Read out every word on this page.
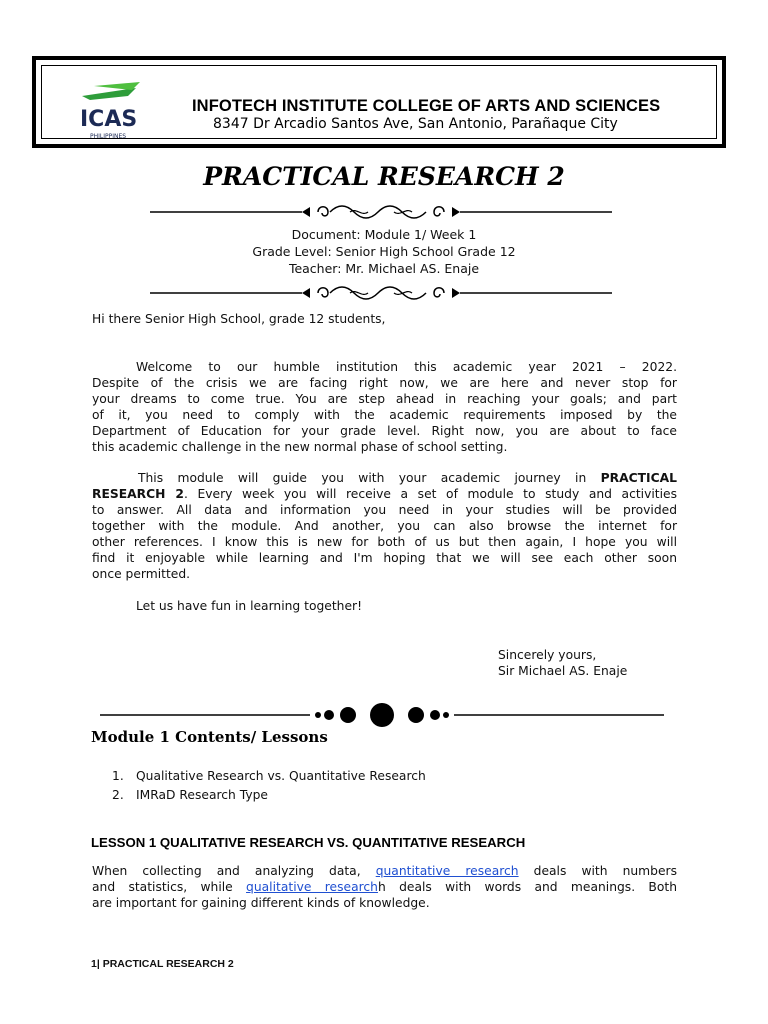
ICAS
PHILIPPINES
INFOTECH INSTITUTE COLLEGE OF ARTS AND SCIENCES
8347 Dr Arcadio Santos Ave, San Antonio, Parañaque City
PRACTICAL RESEARCH 2
Document: Module 1/ Week 1
Grade Level: Senior High School Grade 12
Teacher: Mr. Michael AS. Enaje
Hi there Senior High School, grade 12 students,
Welcome to our humble institution this academic year 2021 – 2022.
Despite of the crisis we are facing right now, we are here and never stop for
your dreams to come true. You are step ahead in reaching your goals; and part
of it, you need to comply with the academic requirements imposed by the
Department of Education for your grade level. Right now, you are about to face
this academic challenge in the new normal phase of school setting.
This module will guide you with your academic journey in PRACTICAL
RESEARCH 2. Every week you will receive a set of module to study and activities
to answer. All data and information you need in your studies will be provided
together with the module. And another, you can also browse the internet for
other references. I know this is new for both of us but then again, I hope you will
find it enjoyable while learning and I'm hoping that we will see each other soon
once permitted.
Let us have fun in learning together!
Sincerely yours,
Sir Michael AS. Enaje
Module 1 Contents/ Lessons
1. Qualitative Research vs. Quantitative Research
2. IMRaD Research Type
LESSON 1 QUALITATIVE RESEARCH VS. QUANTITATIVE RESEARCH
When collecting and analyzing data, quantitative research deals with numbers
and statistics, while qualitative researchh deals with words and meanings. Both
are important for gaining different kinds of knowledge.
1| PRACTICAL RESEARCH 2
